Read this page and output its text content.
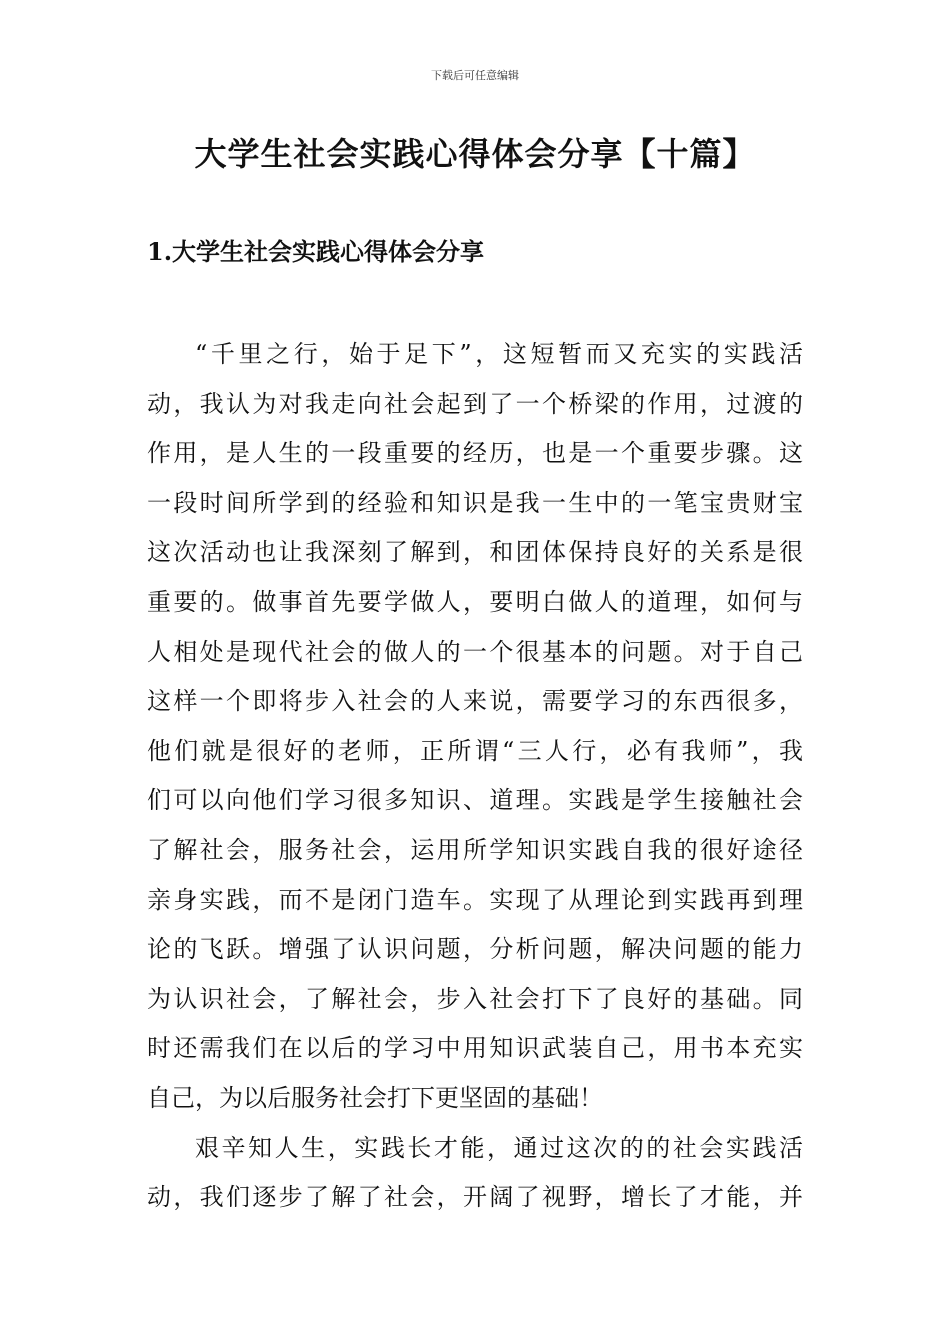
下载后可任意编辑
大学生社会实践心得体会分享【十篇】
1.大学生社会实践心得体会分享
“千里之行，始于足下”，这短暂而又充实的实践活
动，我认为对我走向社会起到了一个桥梁的作用，过渡的
作用，是人生的一段重要的经历，也是一个重要步骤。这
一段时间所学到的经验和知识是我一生中的一笔宝贵财宝
这次活动也让我深刻了解到，和团体保持良好的关系是很
重要的。做事首先要学做人，要明白做人的道理，如何与
人相处是现代社会的做人的一个很基本的问题。对于自己
这样一个即将步入社会的人来说，需要学习的东西很多，
他们就是很好的老师，正所谓“三人行，必有我师”，我
们可以向他们学习很多知识、道理。实践是学生接触社会
了解社会，服务社会，运用所学知识实践自我的很好途径
亲身实践，而不是闭门造车。实现了从理论到实践再到理
论的飞跃。增强了认识问题，分析问题，解决问题的能力
为认识社会，了解社会，步入社会打下了良好的基础。同
时还需我们在以后的学习中用知识武装自己，用书本充实
自己，为以后服务社会打下更坚固的基础！
艰辛知人生，实践长才能，通过这次的的社会实践活
动，我们逐步了解了社会，开阔了视野，增长了才能，并
